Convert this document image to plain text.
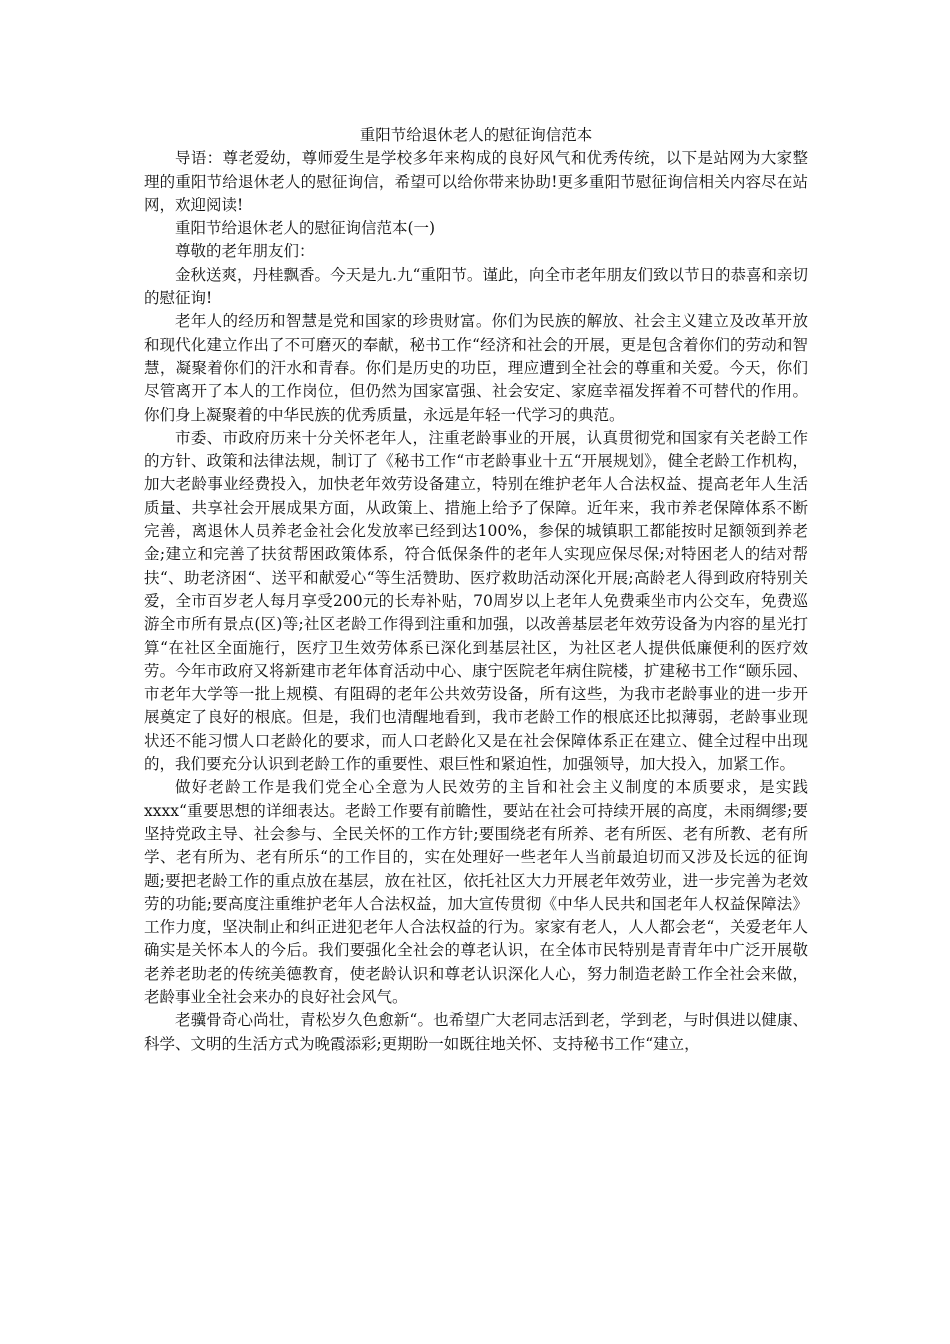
重阳节给退休老人的慰征询信范本

导语：尊老爱幼，尊师爱生是学校多年来构成的良好风气和优秀传统，以下是站网为大家整理的重阳节给退休老人的慰征询信，希望可以给你带来协助!更多重阳节慰征询信相关内容尽在站网，欢迎阅读!

重阳节给退休老人的慰征询信范本(一)

尊敬的老年朋友们：

金秋送爽，丹桂飘香。今天是九.九“重阳节。谨此，向全市老年朋友们致以节日的恭喜和亲切的慰征询!

老年人的经历和智慧是党和国家的珍贵财富。你们为民族的解放、社会主义建立及改革开放和现代化建立作出了不可磨灭的奉献，秘书工作“经济和社会的开展，更是包含着你们的劳动和智慧，凝聚着你们的汗水和青春。你们是历史的功臣，理应遭到全社会的尊重和关爱。今天，你们尽管离开了本人的工作岗位，但仍然为国家富强、社会安定、家庭幸福发挥着不可替代的作用。你们身上凝聚着的中华民族的优秀质量，永远是年轻一代学习的典范。

市委、市政府历来十分关怀老年人，注重老龄事业的开展，认真贯彻党和国家有关老龄工作的方针、政策和法律法规，制订了《秘书工作“市老龄事业十五“开展规划》，健全老龄工作机构，加大老龄事业经费投入，加快老年效劳设备建立，特别在维护老年人合法权益、提高老年人生活质量、共享社会开展成果方面，从政策上、措施上给予了保障。近年来，我市养老保障体系不断完善，离退休人员养老金社会化发放率已经到达100%，参保的城镇职工都能按时足额领到养老金;建立和完善了扶贫帮困政策体系，符合低保条件的老年人实现应保尽保;对特困老人的结对帮扶“、助老济困“、送平和献爱心“等生活赞助、医疗救助活动深化开展;高龄老人得到政府特别关爱，全市百岁老人每月享受200元的长寿补贴，70周岁以上老年人免费乘坐市内公交车，免费巡游全市所有景点(区)等;社区老龄工作得到注重和加强，以改善基层老年效劳设备为内容的星光打算“在社区全面施行，医疗卫生效劳体系已深化到基层社区，为社区老人提供低廉便利的医疗效劳。今年市政府又将新建市老年体育活动中心、康宁医院老年病住院楼，扩建秘书工作“颐乐园、市老年大学等一批上规模、有阻碍的老年公共效劳设备，所有这些，为我市老龄事业的进一步开展奠定了良好的根底。但是，我们也清醒地看到，我市老龄工作的根底还比拟薄弱，老龄事业现状还不能习惯人口老龄化的要求，而人口老龄化又是在社会保障体系正在建立、健全过程中出现的，我们要充分认识到老龄工作的重要性、艰巨性和紧迫性，加强领导，加大投入，加紧工作。

做好老龄工作是我们党全心全意为人民效劳的主旨和社会主义制度的本质要求，是实践xxxx“重要思想的详细表达。老龄工作要有前瞻性，要站在社会可持续开展的高度，未雨绸缪;要坚持党政主导、社会参与、全民关怀的工作方针;要围绕老有所养、老有所医、老有所教、老有所学、老有所为、老有所乐“的工作目的，实在处理好一些老年人当前最迫切而又涉及长远的征询题;要把老龄工作的重点放在基层，放在社区，依托社区大力开展老年效劳业，进一步完善为老效劳的功能;要高度注重维护老年人合法权益，加大宣传贯彻《中华人民共和国老年人权益保障法》工作力度，坚决制止和纠正进犯老年人合法权益的行为。家家有老人，人人都会老“，关爱老年人确实是关怀本人的今后。我们要强化全社会的尊老认识，在全体市民特别是青青年中广泛开展敬老养老助老的传统美德教育，使老龄认识和尊老认识深化人心，努力制造老龄工作全社会来做，老龄事业全社会来办的良好社会风气。

老骥骨奇心尚壮，青松岁久色愈新“。也希望广大老同志活到老，学到老，与时俱进以健康、科学、文明的生活方式为晚霞添彩;更期盼一如既往地关怀、支持秘书工作“建立，
